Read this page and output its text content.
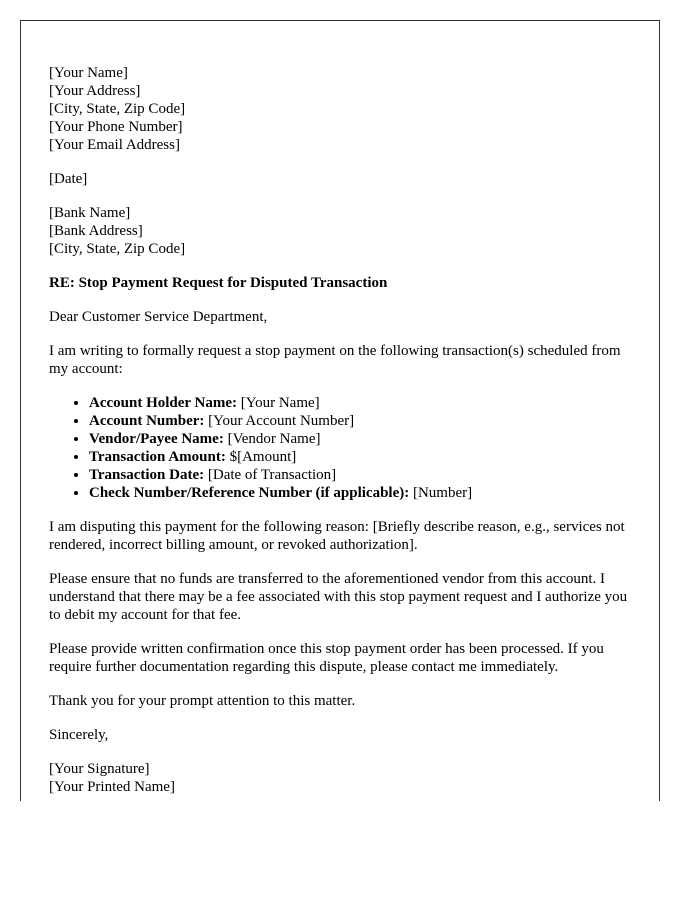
[Your Name]
[Your Address]
[City, State, Zip Code]
[Your Phone Number]
[Your Email Address]

[Date]

[Bank Name]
[Bank Address]
[City, State, Zip Code]

RE: Stop Payment Request for Disputed Transaction

Dear Customer Service Department,

I am writing to formally request a stop payment on the following transaction(s) scheduled from my account:

• Account Holder Name: [Your Name]
• Account Number: [Your Account Number]
• Vendor/Payee Name: [Vendor Name]
• Transaction Amount: $[Amount]
• Transaction Date: [Date of Transaction]
• Check Number/Reference Number (if applicable): [Number]

I am disputing this payment for the following reason: [Briefly describe reason, e.g., services not rendered, incorrect billing amount, or revoked authorization].

Please ensure that no funds are transferred to the aforementioned vendor from this account. I understand that there may be a fee associated with this stop payment request and I authorize you to debit my account for that fee.

Please provide written confirmation once this stop payment order has been processed. If you require further documentation regarding this dispute, please contact me immediately.

Thank you for your prompt attention to this matter.

Sincerely,

[Your Signature]
[Your Printed Name]
